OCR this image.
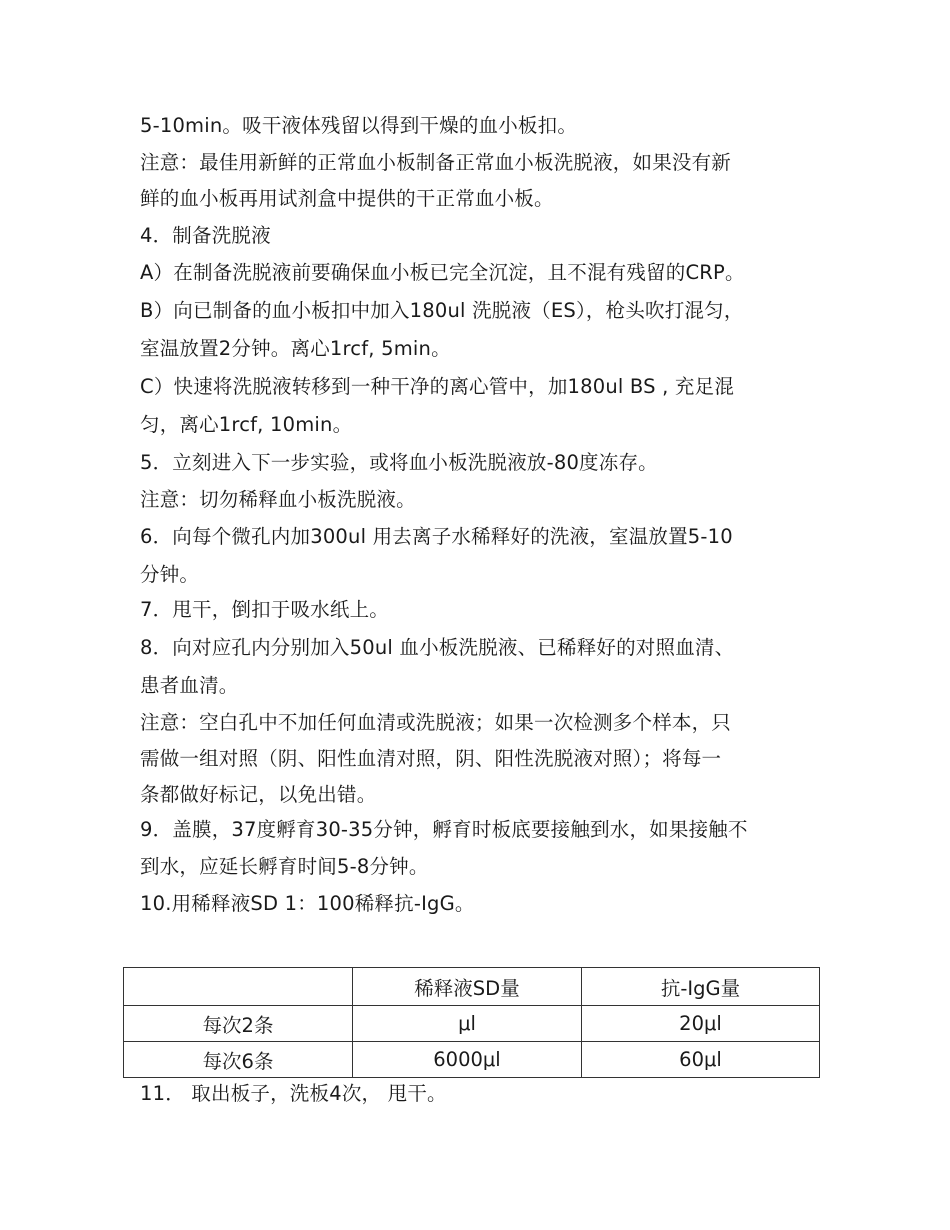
5-10min。吸干液体残留以得到干燥的血小板扣。
注意：最佳用新鲜的正常血小板制备正常血小板洗脱液，如果没有新
鲜的血小板再用试剂盒中提供的干正常血小板。
4．制备洗脱液
A）在制备洗脱液前要确保血小板已完全沉淀，且不混有残留的CRP。
B）向已制备的血小板扣中加入180ul 洗脱液（ES），枪头吹打混匀，
室温放置2分钟。离心1rcf, 5min。
C）快速将洗脱液转移到一种干净的离心管中，加180ul BS , 充足混
匀，离心1rcf, 10min。
5．立刻进入下一步实验，或将血小板洗脱液放-80度冻存。
注意：切勿稀释血小板洗脱液。
6．向每个微孔内加300ul 用去离子水稀释好的洗液，室温放置5-10
分钟。
7．甩干，倒扣于吸水纸上。
8．向对应孔内分别加入50ul 血小板洗脱液、已稀释好的对照血清、
患者血清。
注意：空白孔中不加任何血清或洗脱液；如果一次检测多个样本，只
需做一组对照（阴、阳性血清对照，阴、阳性洗脱液对照）；将每一
条都做好标记，以免出错。
9．盖膜，37度孵育30-35分钟，孵育时板底要接触到水，如果接触不
到水，应延长孵育时间5-8分钟。
10.用稀释液SD 1：100稀释抗-IgG。
	稀释液SD量	抗-IgG量
每次2条	μl	20μl
每次6条	6000μl	60μl
11． 取出板子，洗板4次， 甩干。
